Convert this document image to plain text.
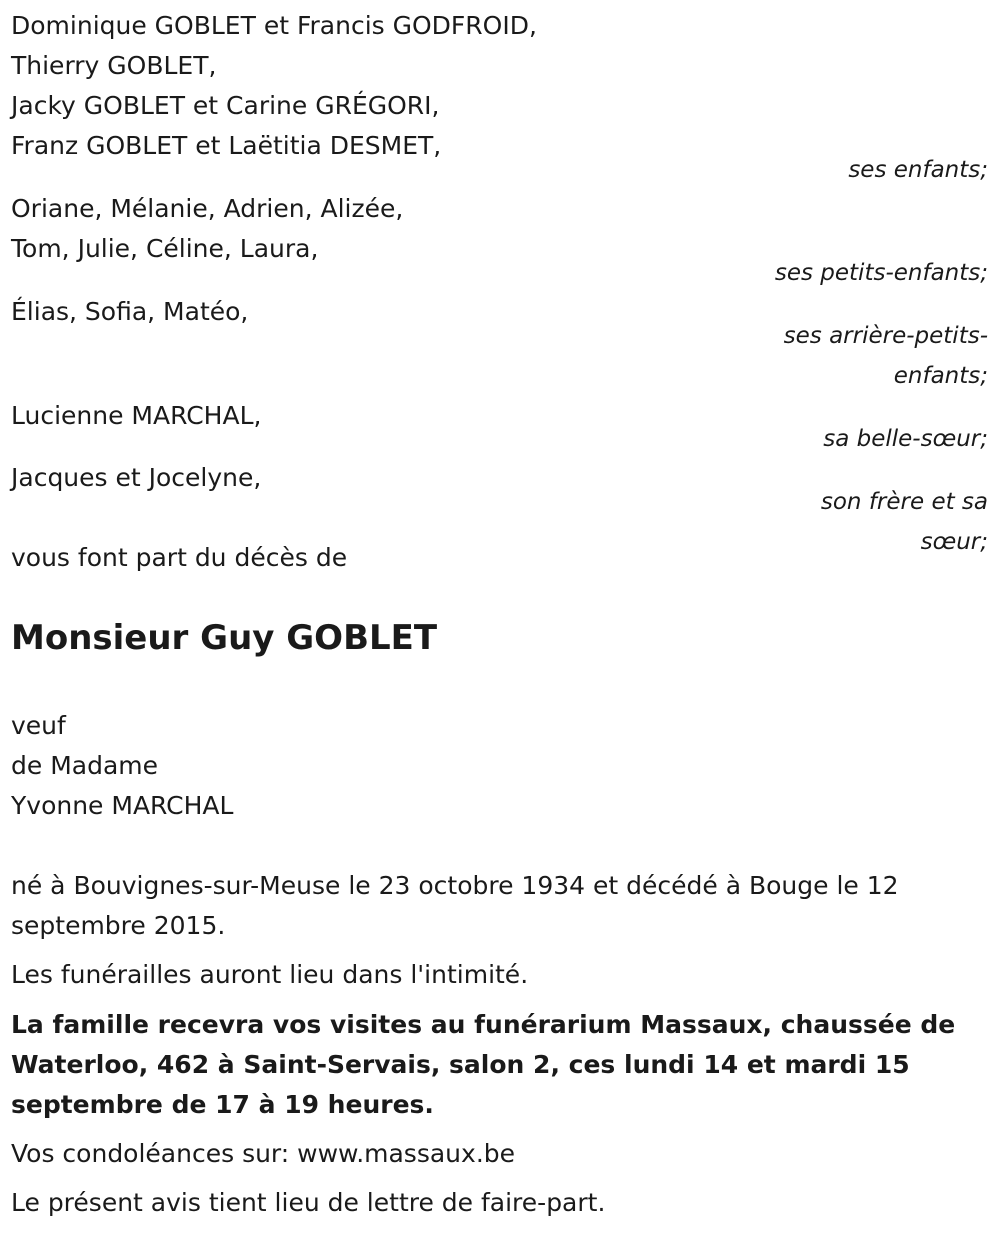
Dominique GOBLET et Francis GODFROID,
Thierry GOBLET,
Jacky GOBLET et Carine GRÉGORI,
Franz GOBLET et Laëtitia DESMET,
ses enfants;
Oriane, Mélanie, Adrien, Alizée,
Tom, Julie, Céline, Laura,
ses petits-enfants;
Élias, Sofia, Matéo,
ses arrière-petits-
enfants;
Lucienne MARCHAL,
sa belle-sœur;
Jacques et Jocelyne,
son frère et sa
sœur;
vous font part du décès de
Monsieur Guy GOBLET
veuf
de Madame
Yvonne MARCHAL
né à Bouvignes-sur-Meuse le 23 octobre 1934 et décédé à Bouge le 12 septembre 2015.
Les funérailles auront lieu dans l'intimité.
La famille recevra vos visites au funérarium Massaux, chaussée de Waterloo, 462 à Saint-Servais, salon 2, ces lundi 14 et mardi 15 septembre de 17 à 19 heures.
Vos condoléances sur: www.massaux.be
Le présent avis tient lieu de lettre de faire-part.
